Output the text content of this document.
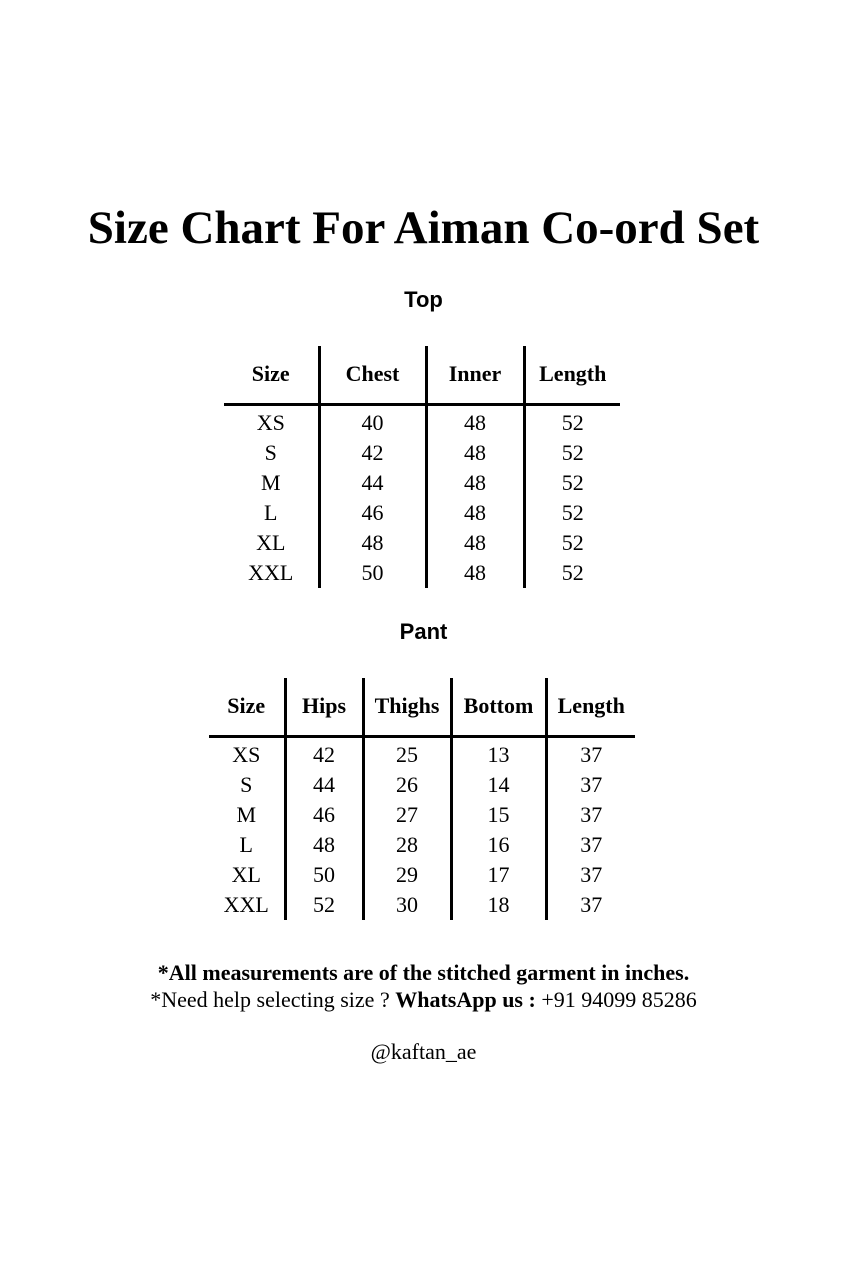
Size Chart For Aiman Co-ord Set
Top
Size	Chest	Inner	Length
XS	40	48	52
S	42	48	52
M	44	48	52
L	46	48	52
XL	48	48	52
XXL	50	48	52
Pant
Size	Hips	Thighs	Bottom	Length
XS	42	25	13	37
S	44	26	14	37
M	46	27	15	37
L	48	28	16	37
XL	50	29	17	37
XXL	52	30	18	37
*All measurements are of the stitched garment in inches.
*Need help selecting size ? WhatsApp us : +91 94099 85286
@kaftan_ae
